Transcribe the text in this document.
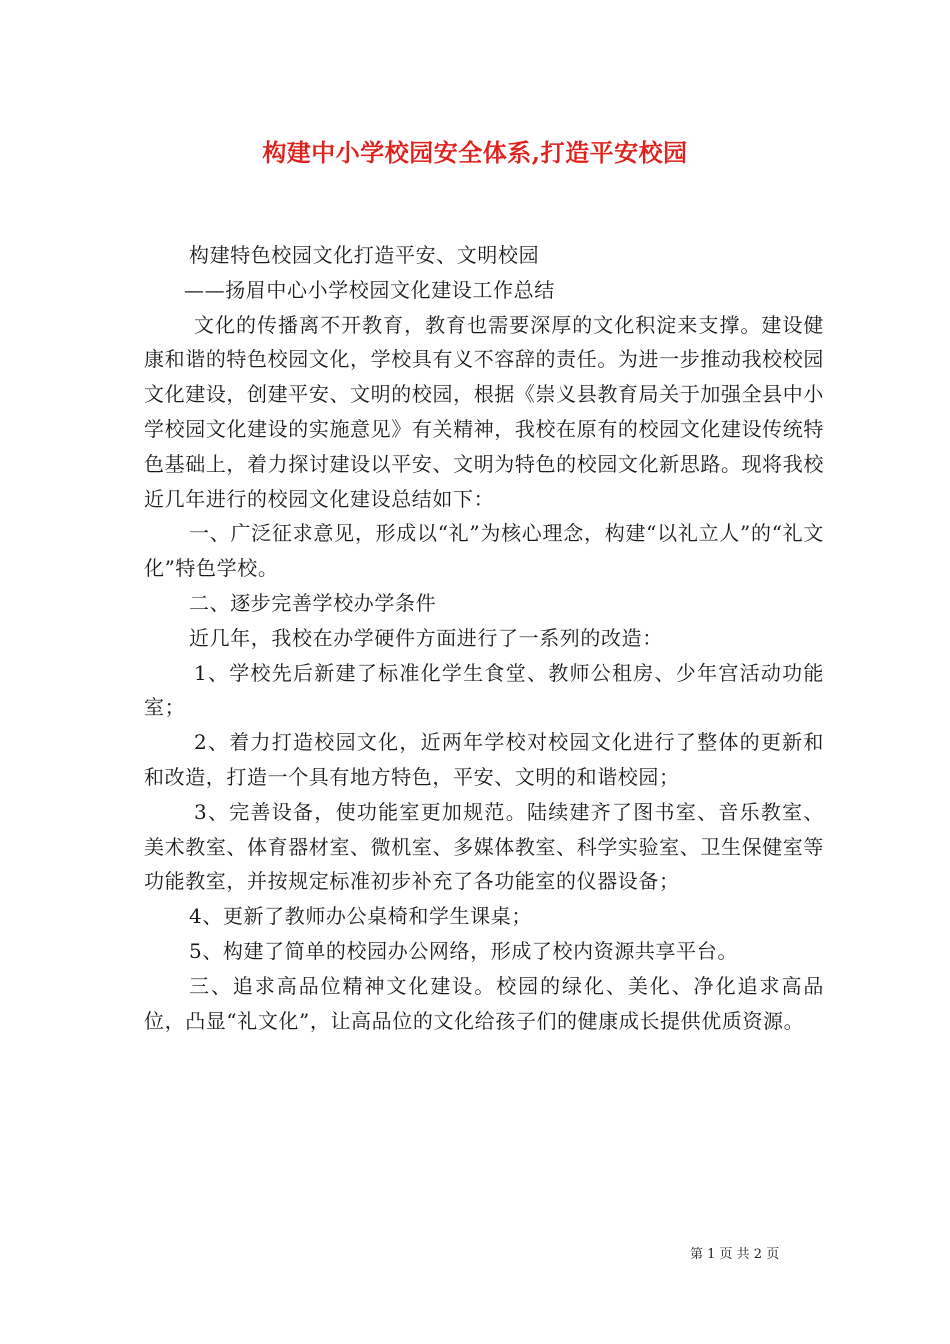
构建中小学校园安全体系,打造平安校园

构建特色校园文化打造平安、文明校园

——扬眉中心小学校园文化建设工作总结

文化的传播离不开教育，教育也需要深厚的文化积淀来支撑。建设健康和谐的特色校园文化，学校具有义不容辞的责任。为进一步推动我校校园文化建设，创建平安、文明的校园，根据《崇义县教育局关于加强全县中小学校园文化建设的实施意见》有关精神，我校在原有的校园文化建设传统特色基础上，着力探讨建设以平安、文明为特色的校园文化新思路。现将我校近几年进行的校园文化建设总结如下：

一、广泛征求意见，形成以“礼”为核心理念，构建“以礼立人”的“礼文化”特色学校。

二、逐步完善学校办学条件

近几年，我校在办学硬件方面进行了一系列的改造：

1、学校先后新建了标准化学生食堂、教师公租房、少年宫活动功能室；

2、着力打造校园文化，近两年学校对校园文化进行了整体的更新和和改造，打造一个具有地方特色，平安、文明的和谐校园；

3、完善设备，使功能室更加规范。陆续建齐了图书室、音乐教室、美术教室、体育器材室、微机室、多媒体教室、科学实验室、卫生保健室等功能教室，并按规定标准初步补充了各功能室的仪器设备；

4、更新了教师办公桌椅和学生课桌；

5、构建了简单的校园办公网络，形成了校内资源共享平台。

三、追求高品位精神文化建设。校园的绿化、美化、净化追求高品位，凸显“礼文化”，让高品位的文化给孩子们的健康成长提供优质资源。

第 1 页 共 2 页
